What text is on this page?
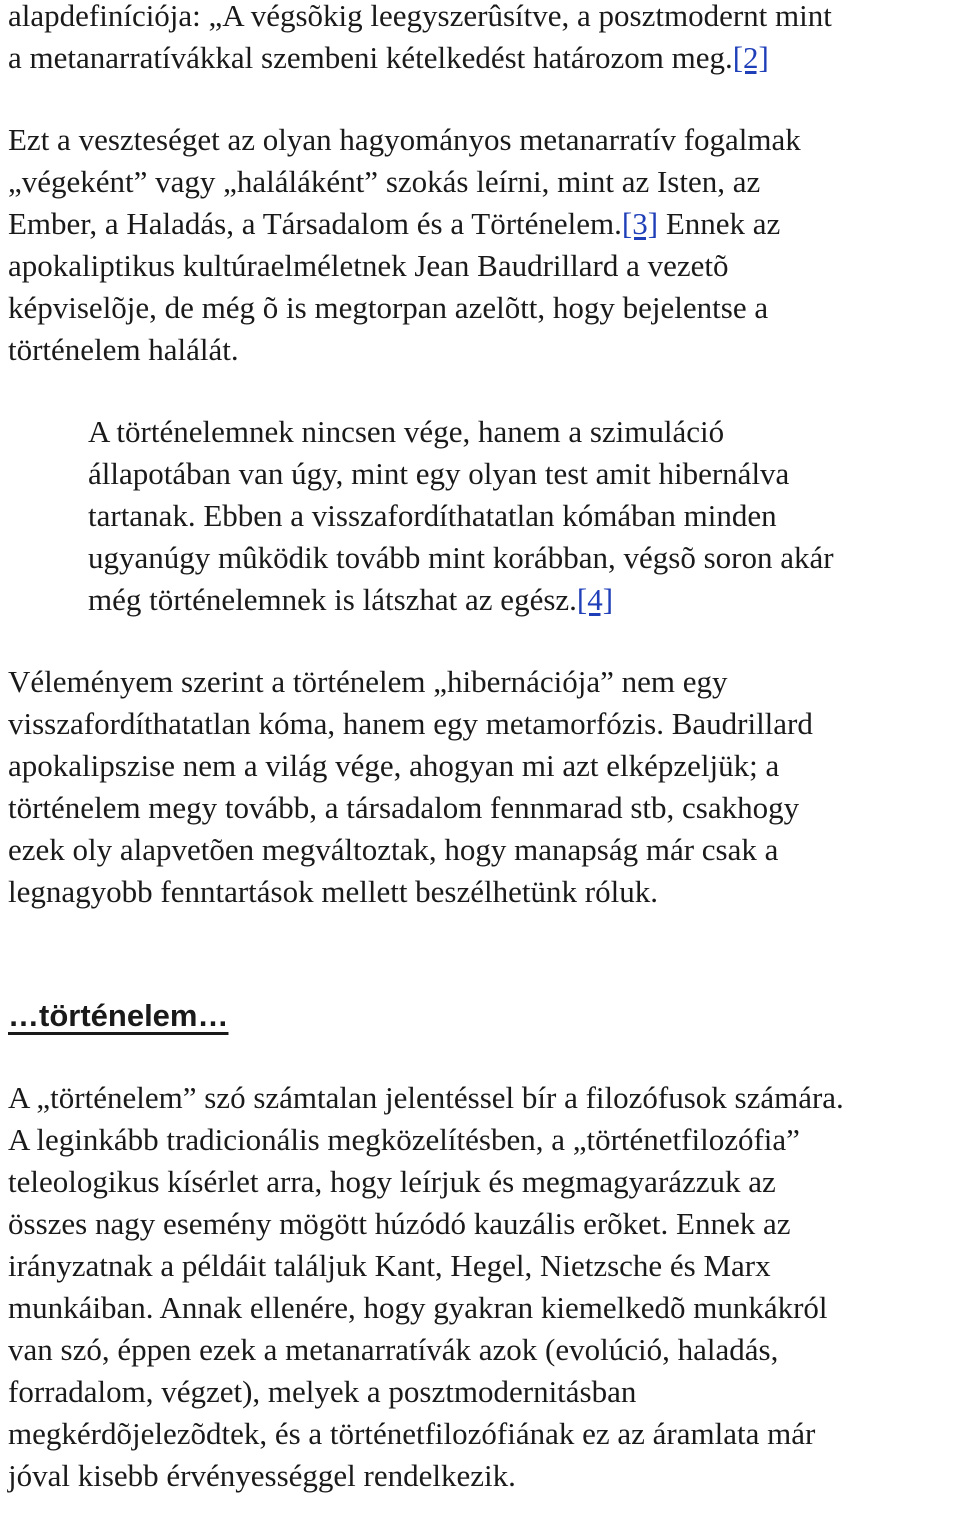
alapdefiníciója: „A végsõkig leegyszerûsítve, a posztmodernt mint
a metanarratívákkal szembeni kételkedést határozom meg.[2]

Ezt a veszteséget az olyan hagyományos metanarratív fogalmak
„végeként” vagy „haláláként” szokás leírni, mint az Isten, az
Ember, a Haladás, a Társadalom és a Történelem.[3] Ennek az
apokaliptikus kultúraelméletnek Jean Baudrillard a vezetõ
képviselõje, de még õ is megtorpan azelõtt, hogy bejelentse a
történelem halálát.

A történelemnek nincsen vége, hanem a szimuláció
állapotában van úgy, mint egy olyan test amit hibernálva
tartanak. Ebben a visszafordíthatatlan kómában minden
ugyanúgy mûködik tovább mint korábban, végsõ soron akár
még történelemnek is látszhat az egész.[4]

Véleményem szerint a történelem „hibernációja” nem egy
visszafordíthatatlan kóma, hanem egy metamorfózis. Baudrillard
apokalipszise nem a világ vége, ahogyan mi azt elképzeljük; a
történelem megy tovább, a társadalom fennmarad stb, csakhogy
ezek oly alapvetõen megváltoztak, hogy manapság már csak a
legnagyobb fenntartások mellett beszélhetünk róluk.

…történelem…

A „történelem” szó számtalan jelentéssel bír a filozófusok számára.
A leginkább tradicionális megközelítésben, a „történetfilozófia”
teleologikus kísérlet arra, hogy leírjuk és megmagyarázzuk az
összes nagy esemény mögött húzódó kauzális erõket. Ennek az
irányzatnak a példáit találjuk Kant, Hegel, Nietzsche és Marx
munkáiban. Annak ellenére, hogy gyakran kiemelkedõ munkákról
van szó, éppen ezek a metanarratívák azok (evolúció, haladás,
forradalom, végzet), melyek a posztmodernitásban
megkérdõjelezõdtek, és a történetfilozófiának ez az áramlata már
jóval kisebb érvényességgel rendelkezik.
